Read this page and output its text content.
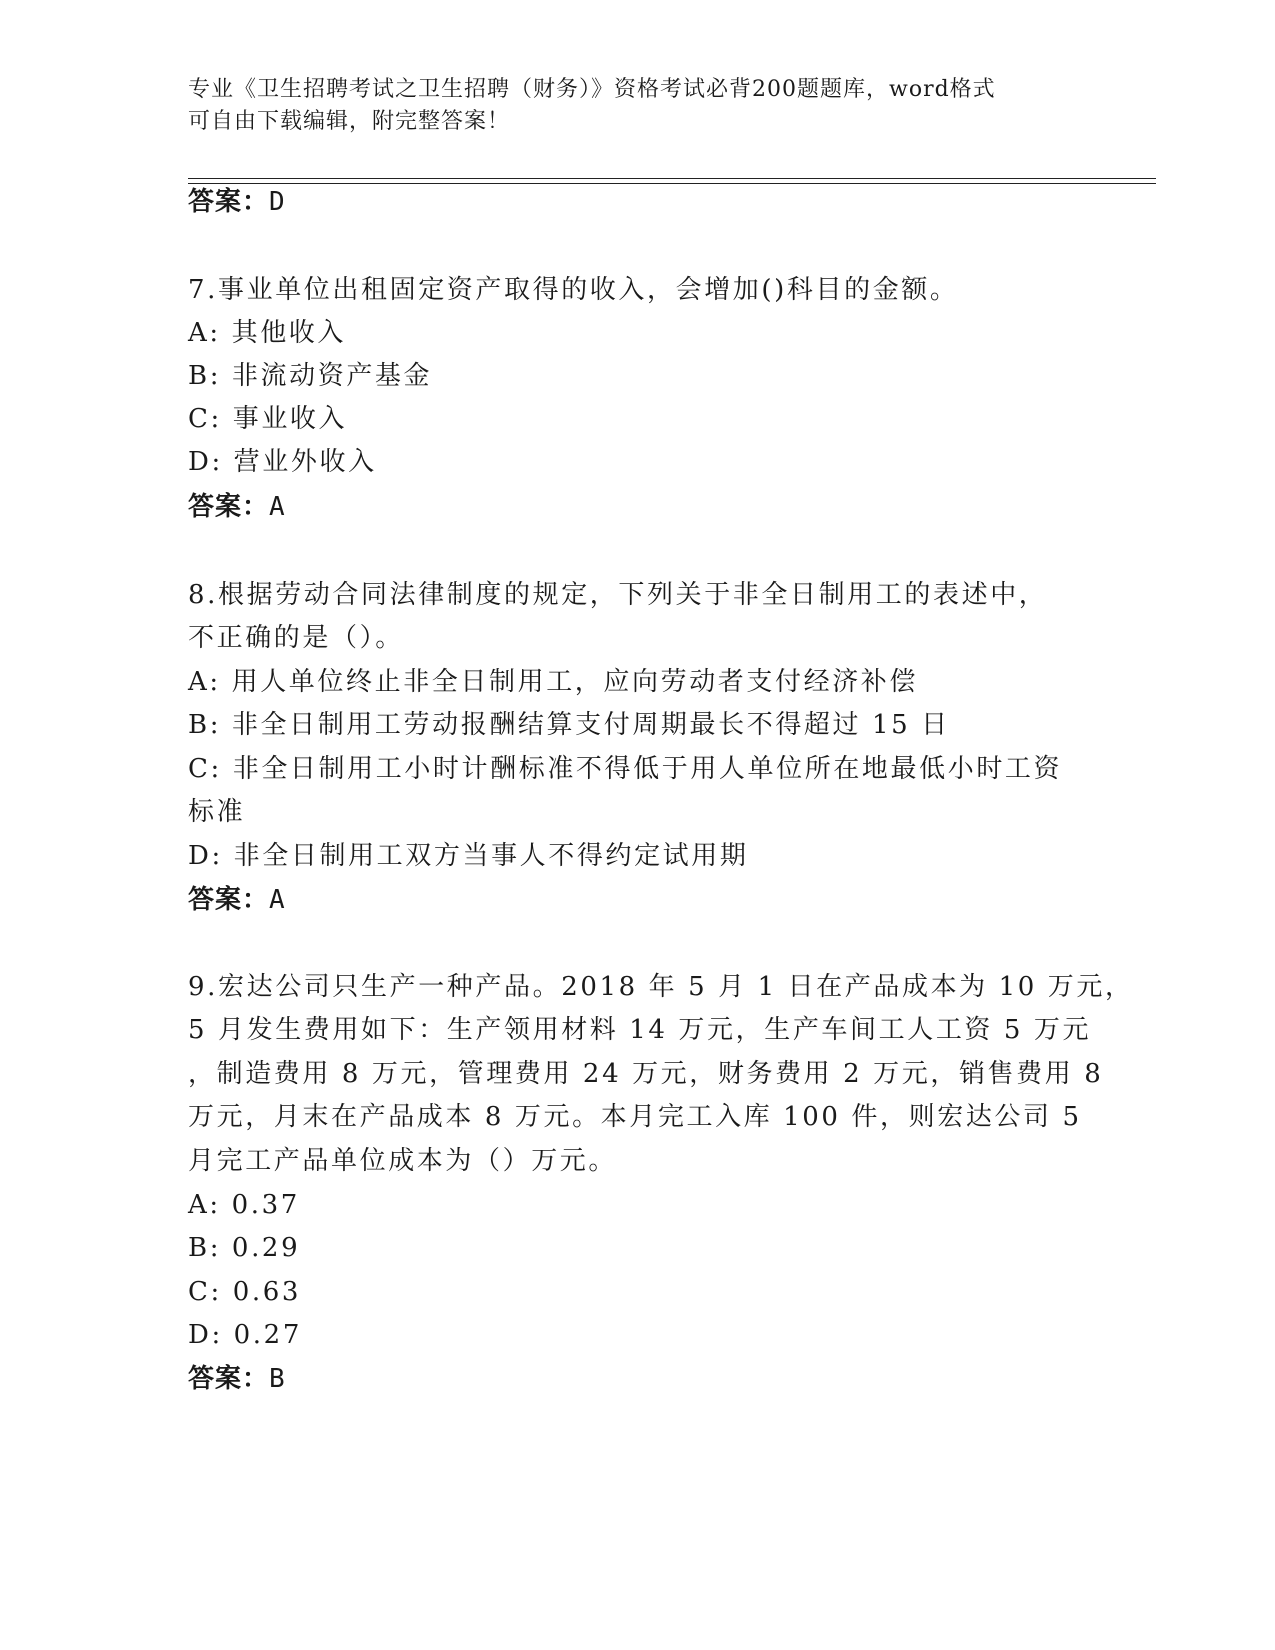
专业《卫生招聘考试之卫生招聘（财务）》资格考试必背200题题库，word格式
可自由下载编辑，附完整答案！
答案：D
7.事业单位出租固定资产取得的收入，会增加()科目的金额。
A: 其他收入
B: 非流动资产基金
C: 事业收入
D: 营业外收入
答案：A
8.根据劳动合同法律制度的规定，下列关于非全日制用工的表述中，
不正确的是（）。
A: 用人单位终止非全日制用工，应向劳动者支付经济补偿
B: 非全日制用工劳动报酬结算支付周期最长不得超过 15 日
C: 非全日制用工小时计酬标准不得低于用人单位所在地最低小时工资
标准
D: 非全日制用工双方当事人不得约定试用期
答案：A
9.宏达公司只生产一种产品。2018 年 5 月 1 日在产品成本为 10 万元，
5 月发生费用如下：生产领用材料 14 万元，生产车间工人工资 5 万元
，制造费用 8 万元，管理费用 24 万元，财务费用 2 万元，销售费用 8
万元，月末在产品成本 8 万元。本月完工入库 100 件，则宏达公司 5
月完工产品单位成本为（）万元。
A: 0.37
B: 0.29
C: 0.63
D: 0.27
答案：B
